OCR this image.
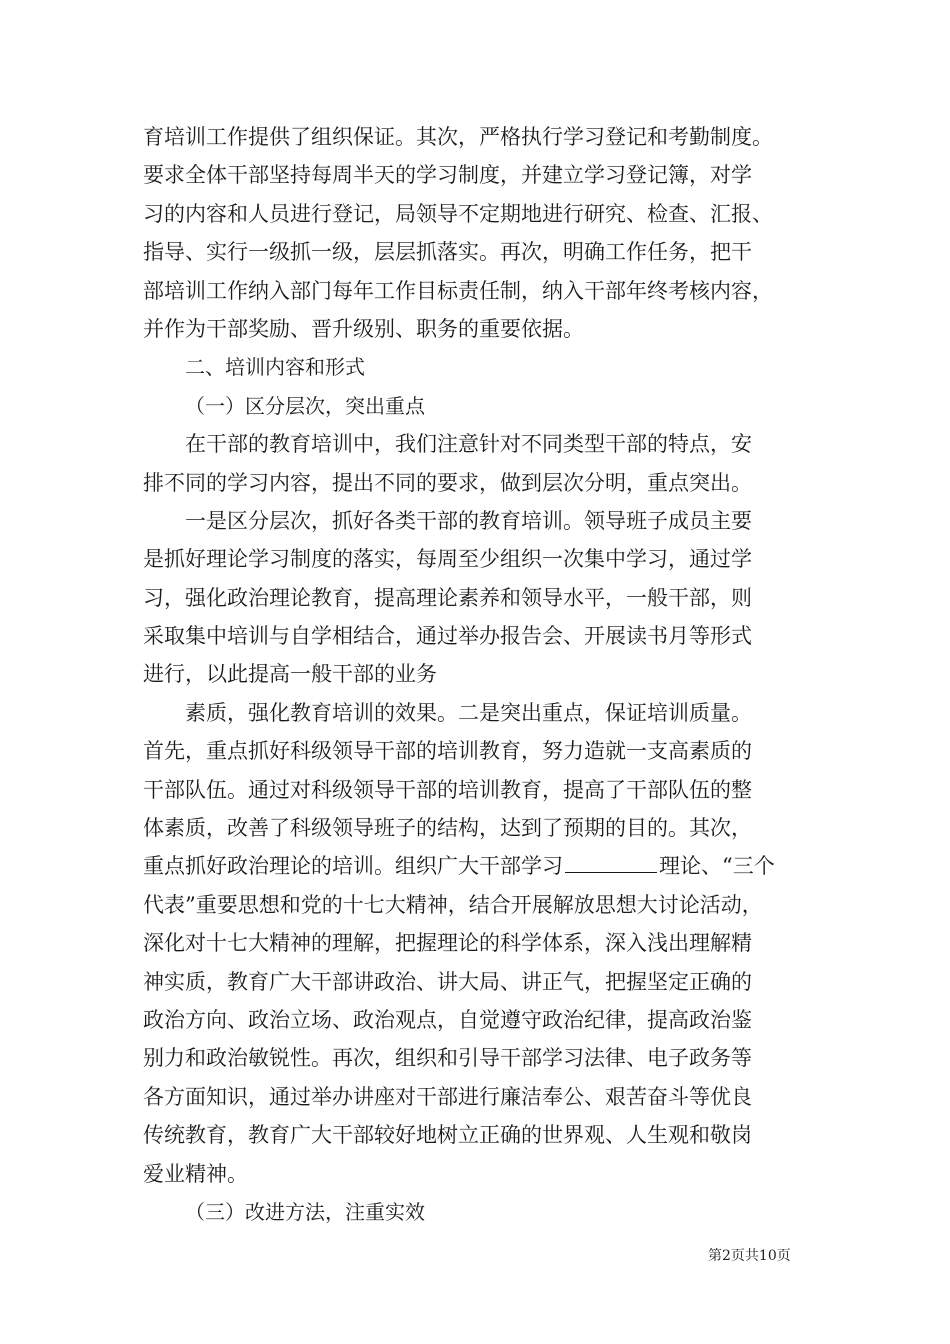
育培训工作提供了组织保证。其次，严格执行学习登记和考勤制度。
要求全体干部坚持每周半天的学习制度，并建立学习登记簿，对学
习的内容和人员进行登记，局领导不定期地进行研究、检查、汇报、
指导、实行一级抓一级，层层抓落实。再次，明确工作任务，把干
部培训工作纳入部门每年工作目标责任制，纳入干部年终考核内容，
并作为干部奖励、晋升级别、职务的重要依据。
二、培训内容和形式
（一）区分层次，突出重点
在干部的教育培训中，我们注意针对不同类型干部的特点，安
排不同的学习内容，提出不同的要求，做到层次分明，重点突出。
一是区分层次，抓好各类干部的教育培训。领导班子成员主要
是抓好理论学习制度的落实，每周至少组织一次集中学习，通过学
习，强化政治理论教育，提高理论素养和领导水平，一般干部，则
采取集中培训与自学相结合，通过举办报告会、开展读书月等形式
进行，以此提高一般干部的业务
素质，强化教育培训的效果。二是突出重点，保证培训质量。
首先，重点抓好科级领导干部的培训教育，努力造就一支高素质的
干部队伍。通过对科级领导干部的培训教育，提高了干部队伍的整
体素质，改善了科级领导班子的结构，达到了预期的目的。其次，
重点抓好政治理论的培训。组织广大干部学习	理论、“三个
代表”重要思想和党的十七大精神，结合开展解放思想大讨论活动，
深化对十七大精神的理解，把握理论的科学体系，深入浅出理解精
神实质，教育广大干部讲政治、讲大局、讲正气，把握坚定正确的
政治方向、政治立场、政治观点，自觉遵守政治纪律，提高政治鉴
别力和政治敏锐性。再次，组织和引导干部学习法律、电子政务等
各方面知识，通过举办讲座对干部进行廉洁奉公、艰苦奋斗等优良
传统教育，教育广大干部较好地树立正确的世界观、人生观和敬岗
爱业精神。
（三）改进方法，注重实效
第2页共10页
